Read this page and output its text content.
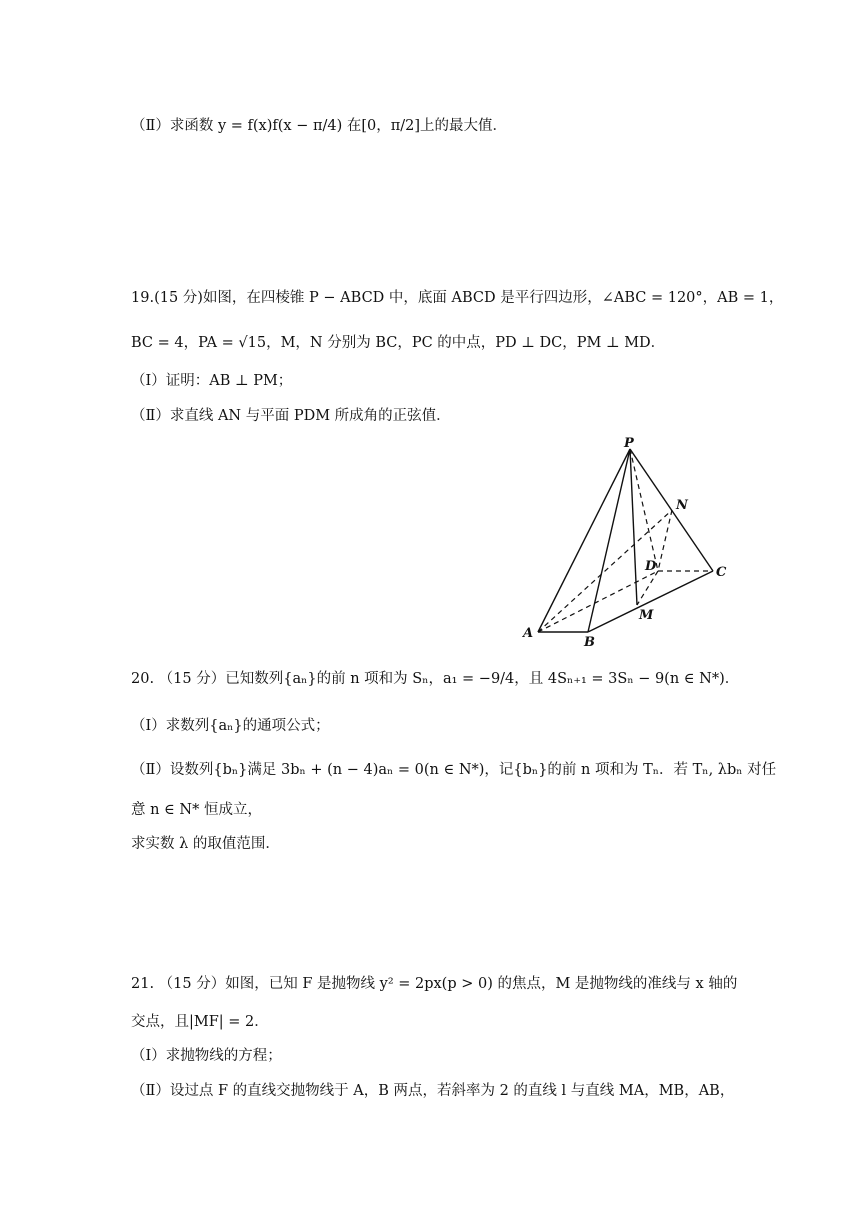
（Ⅱ）求函数 y = f(x)f(x − π/4) 在[0，π/2]上的最大值．
19.(15 分)如图，在四棱锥 P − ABCD 中，底面 ABCD 是平行四边形，∠ABC = 120°，AB = 1，
BC = 4，PA = √15，M，N 分别为 BC，PC 的中点，PD ⊥ DC，PM ⊥ MD．
（Ⅰ）证明：AB ⊥ PM；
（Ⅱ）求直线 AN 与平面 PDM 所成角的正弦值．
P
N
D	C
M
A
B
20. （15 分）已知数列{aₙ}的前 n 项和为 Sₙ，a₁ = −9/4，且 4Sₙ₊₁ = 3Sₙ − 9(n ∈ N*)．
（Ⅰ）求数列{aₙ}的通项公式；
（Ⅱ）设数列{bₙ}满足 3bₙ + (n − 4)aₙ = 0(n ∈ N*)，记{bₙ}的前 n 项和为 Tₙ．若 Tₙ, λbₙ 对任
意 n ∈ N* 恒成立，
求实数 λ 的取值范围．
21. （15 分）如图，已知 F 是抛物线 y² = 2px(p > 0) 的焦点，M 是抛物线的准线与 x 轴的
交点，且|MF| = 2．
（Ⅰ）求抛物线的方程；
（Ⅱ）设过点 F 的直线交抛物线于 A，B 两点，若斜率为 2 的直线 l 与直线 MA，MB，AB，
